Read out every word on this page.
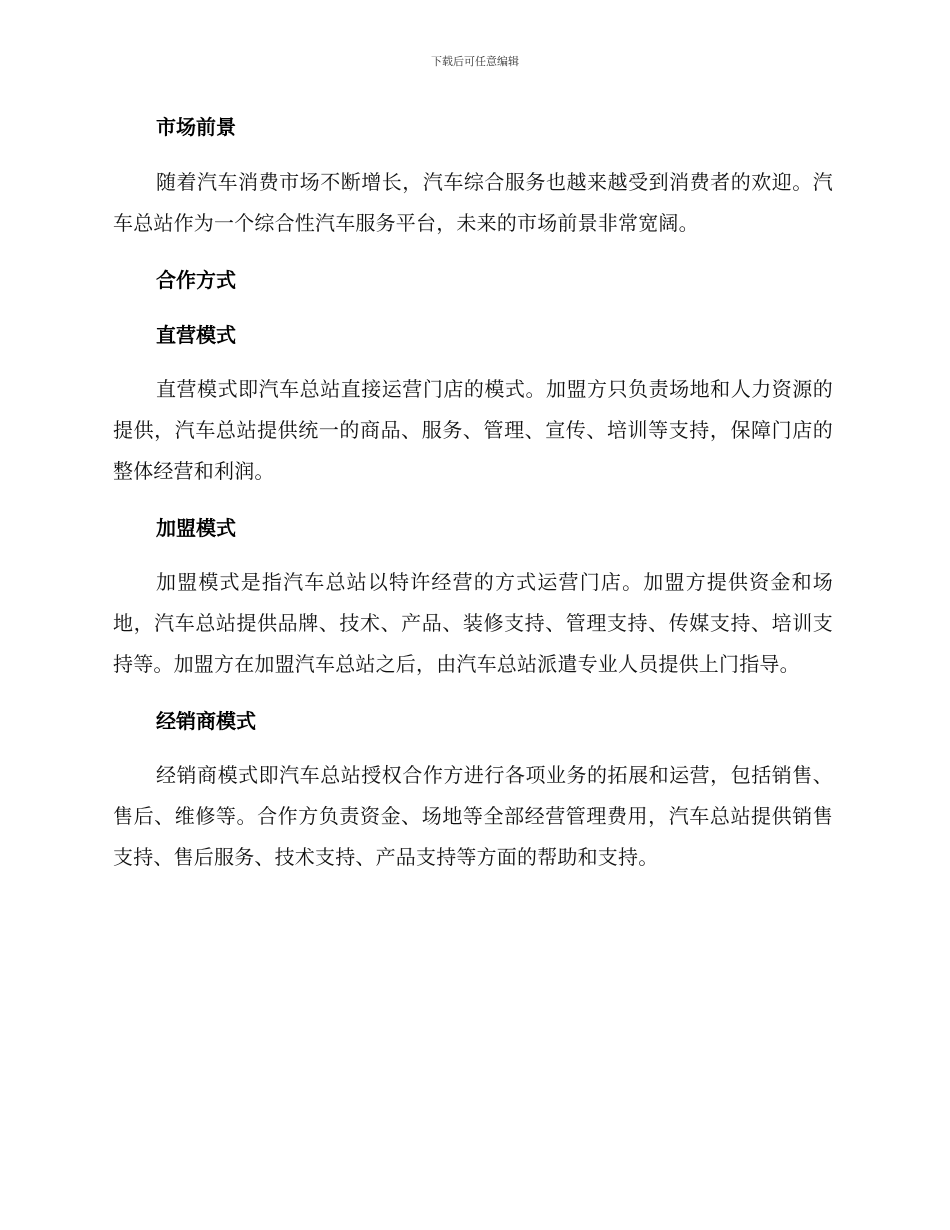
下载后可任意编辑
市场前景

随着汽车消费市场不断增长，汽车综合服务也越来越受到消费者的欢迎。汽车总站作为一个综合性汽车服务平台，未来的市场前景非常宽阔。

合作方式
直营模式

直营模式即汽车总站直接运营门店的模式。加盟方只负责场地和人力资源的提供，汽车总站提供统一的商品、服务、管理、宣传、培训等支持，保障门店的整体经营和利润。

加盟模式

加盟模式是指汽车总站以特许经营的方式运营门店。加盟方提供资金和场地，汽车总站提供品牌、技术、产品、装修支持、管理支持、传媒支持、培训支持等。加盟方在加盟汽车总站之后，由汽车总站派遣专业人员提供上门指导。

经销商模式

经销商模式即汽车总站授权合作方进行各项业务的拓展和运营，包括销售、售后、维修等。合作方负责资金、场地等全部经营管理费用，汽车总站提供销售支持、售后服务、技术支持、产品支持等方面的帮助和支持。
